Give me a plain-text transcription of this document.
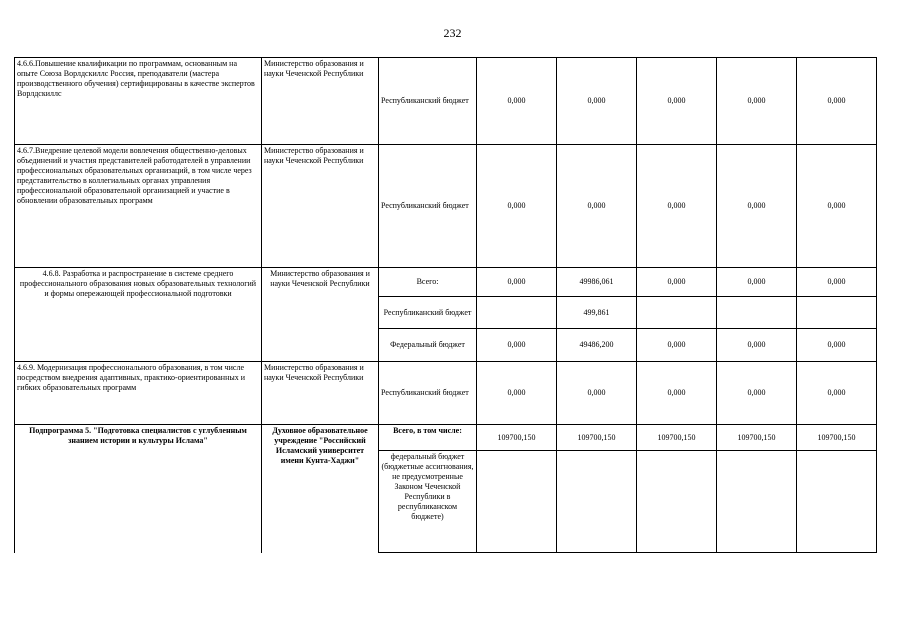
232
4.6.6.Повышение квалификации по программам, основанным на опыте Союза Ворлдскиллс Россия, преподаватели (мастера производственного обучения) сертифицированы в качестве экспертов Ворлдскиллс	Министерство образования и науки Чеченской Республики	Республиканский бюджет	0,000	0,000	0,000	0,000	0,000
4.6.7.Внедрение целевой модели вовлечения общественно-деловых объединений и участия представителей работодателей в управлении профессиональных образовательных организаций, в том числе через представительство в коллегиальных органах управления профессиональной образовательной организацией и участие в обновлении образовательных программ	Министерство образования и науки Чеченской Республики	Республиканский бюджет	0,000	0,000	0,000	0,000	0,000
4.6.8. Разработка и распространение в системе среднего профессионального образования новых образовательных технологий и формы опережающей профессиональной подготовки	Министерство образования и науки Чеченской Республики	Всего:	0,000	49986,061	0,000	0,000	0,000
		Республиканский бюджет		499,861			
		Федеральный бюджет	0,000	49486,200	0,000	0,000	0,000
4.6.9. Модернизация профессионального образования, в том числе посредством внедрения адаптивных, практико-ориентированных и гибких образовательных программ	Министерство образования и науки Чеченской Республики	Республиканский бюджет	0,000	0,000	0,000	0,000	0,000
Подпрограмма 5. "Подготовка специалистов с углубленным знанием истории и культуры Ислама"	Духовное образовательное учреждение "Российский Исламский университет имени Кунта-Хаджи"	Всего, в том числе:	109700,150	109700,150	109700,150	109700,150	109700,150
		федеральный бюджет (бюджетные ассигнования, не предусмотренные Законом Чеченской Республики в республиканском бюджете)					
